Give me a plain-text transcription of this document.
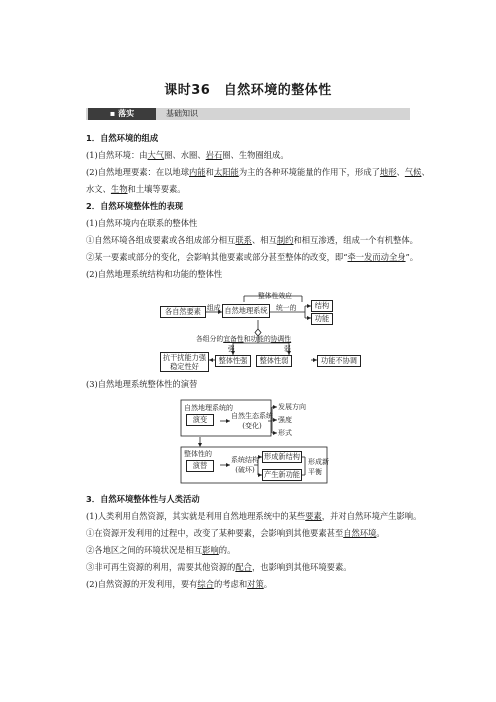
课时36　自然环境的整体性
▪ 落实	基础知识
1．自然环境的组成
(1)自然环境：由大气圈、水圈、岩石圈、生物圈组成。
(2)自然地理要素：在以地球内能和太阳能为主的各种环境能量的作用下，形成了地形、气候、
水文、生物和土壤等要素。
2．自然环境整体性的表现
(1)自然环境内在联系的整体性
①自然环境各组成要素或各组成部分相互联系、相互制约和相互渗透，组成一个有机整体。
②某一要素或部分的变化，会影响其他要素或部分甚至整体的改变，即“牵一发而动全身”。
(2)自然地理系统结构和功能的整体性
整体性效应
各自然要素 组成 自然地理系统	统一的	结构
功能
各组分的宜备性和功能的协调性
强	弱
抗干扰能力强
稳定性好
整体性强	整体性弱	功能不协调
(3)自然地理系统整体性的演替
自然地理系统的
演变	自然生态系统
(变化)
发展方向
强度
形式
整体性的
演替
系统结构
(破坏)
形成新结构
产生新功能
形成新
平衡
3．自然环境整体性与人类活动
(1)人类利用自然资源，其实就是利用自然地理系统中的某些要素，并对自然环境产生影响。
①在资源开发利用的过程中，改变了某种要素，会影响到其他要素甚至自然环境。
②各地区之间的环境状况是相互影响的。
③非可再生资源的利用，需要其他资源的配合，也影响到其他环境要素。
(2)自然资源的开发利用，要有综合的考虑和对策。
